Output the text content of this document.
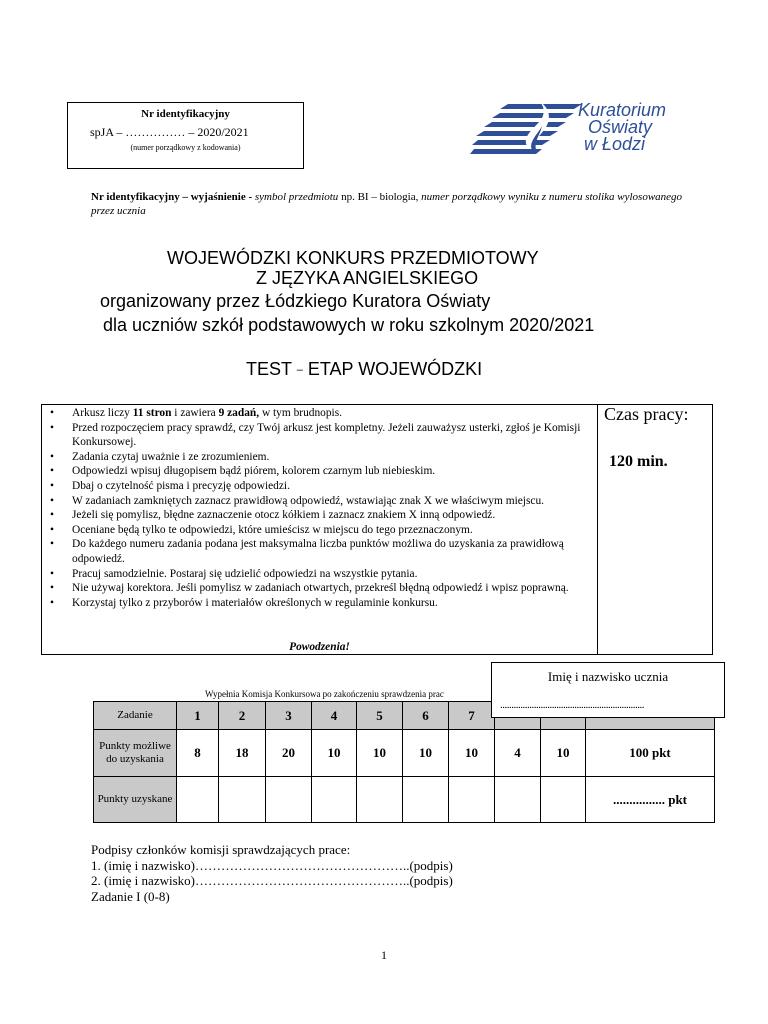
Nr identyfikacyjny
spJA – …………… – 2020/2021
(numer porządkowy z kodowania)
Kuratorium
Oświaty
w Łodzi
Nr identyfikacyjny – wyjaśnienie - symbol przedmiotu np. BI – biologia, numer porządkowy wyniku z numeru stolika wylosowanego przez ucznia
WOJEWÓDZKI KONKURS PRZEDMIOTOWY
Z JĘZYKA ANGIELSKIEGO
organizowany przez Łódzkiego Kuratora Oświaty
dla uczniów szkół podstawowych w roku szkolnym 2020/2021
TEST – ETAP WOJEWÓDZKI
• Arkusz liczy 11 stron i zawiera 9 zadań, w tym brudnopis.
• Przed rozpoczęciem pracy sprawdź, czy Twój arkusz jest kompletny. Jeżeli zauważysz usterki, zgłoś je Komisji Konkursowej.
• Zadania czytaj uważnie i ze zrozumieniem.
• Odpowiedzi wpisuj długopisem bądź piórem, kolorem czarnym lub niebieskim.
• Dbaj o czytelność pisma i precyzję odpowiedzi.
• W zadaniach zamkniętych zaznacz prawidłową odpowiedź, wstawiając znak X we właściwym miejscu.
• Jeżeli się pomylisz, błędne zaznaczenie otocz kółkiem i zaznacz znakiem X inną odpowiedź.
• Oceniane będą tylko te odpowiedzi, które umieścisz w miejscu do tego przeznaczonym.
• Do każdego numeru zadania podana jest maksymalna liczba punktów możliwa do uzyskania za prawidłową odpowiedź.
• Pracuj samodzielnie. Postaraj się udzielić odpowiedzi na wszystkie pytania.
• Nie używaj korektora. Jeśli pomylisz w zadaniach otwartych, przekreśl błędną odpowiedź i wpisz poprawną.
• Korzystaj tylko z przyborów i materiałów określonych w regulaminie konkursu.
Powodzenia!
Czas pracy:
120 min.
Wypełnia Komisja Konkursowa po zakończeniu sprawdzenia prac
Zadanie	1	2	3	4	5	6	7			
Punkty możliwe do uzyskania	8	18	20	10	10	10	10	4	10	100 pkt
Punkty uzyskane										................ pkt
Imię i nazwisko ucznia
................................................................
Podpisy członków komisji sprawdzających prace:
1. (imię i nazwisko)…………………………………………..(podpis)
2. (imię i nazwisko)…………………………………………..(podpis)
Zadanie I (0-8)
1
